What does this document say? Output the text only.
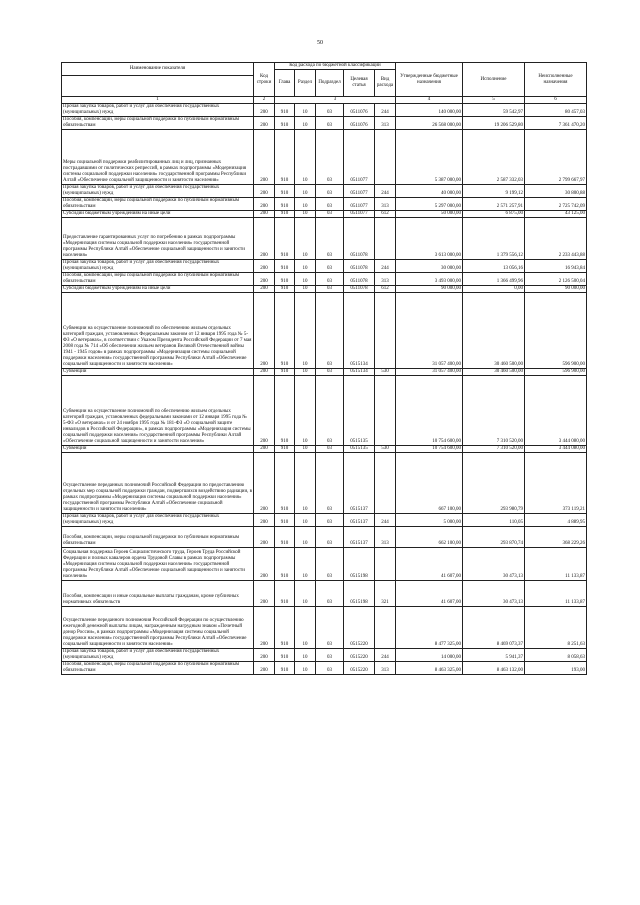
50
Наименование показателя	Код строки	Код расхода по бюджетной классификации					Утвержденные бюджетные назначения	Исполнение	Неисполненные назначения
		Глава	Раздел	Подраздел	Целевая статья	Вид расхода			

1	2	3					4	5	6
Прочая закупка товаров, работ и услуг для обеспечения государственных (муниципальных) нужд	200	910	10	03	0511076	244	140 000,00	59 542,97	80 457,03
Пособия, компенсации, меры социальной поддержки по публичным нормативным обязательствам	200	910	10	03	0511076	313	26 568 000,00	19 206 529,80	7 361 470,20
Меры социальной поддержки реабилитированных лиц и лиц, признанных пострадавшими от политических репрессий, в рамках подпрограммы «Модернизация системы социальной поддержки населения» государственной программы Республики Алтай «Обеспечение социальной защищенности и занятости населения»	200	910	10	03	0511077		5 387 000,00	2 587 332,03	2 799 667,97
Прочая закупка товаров, работ и услуг для обеспечения государственных (муниципальных) нужд	200	910	10	03	0511077	244	40 000,00	9 199,12	30 800,88
Пособия, компенсации, меры социальной поддержки по публичным нормативным обязательствам	200	910	10	03	0511077	313	5 297 000,00	2 571 257,91	2 725 742,09
Субсидии бюджетным учреждениям на иные цели	200	910	10	03	0511077	612	50 000,00	6 875,00	43 125,00
Предоставление гарантированных услуг по погребению в рамках подпрограммы «Модернизация системы социальной поддержки населения» государственной программы Республики Алтай «Обеспечение социальной защищенности и занятости населения»	200	910	10	03	0511078		3 613 000,00	1 379 556,12	2 233 443,88
Прочая закупка товаров, работ и услуг для обеспечения государственных (муниципальных) нужд	200	910	10	03	0511078	244	30 000,00	13 056,16	16 943,84
Пособия, компенсации, меры социальной поддержки по публичным нормативным обязательствам	200	910	10	03	0511078	313	3 493 000,00	1 366 499,96	2 126 500,04
Субсидии бюджетным учреждениям на иные цели	200	910	10	03	0511078	612	90 000,00	0,00	90 000,00
Субвенции на осуществление полномочий по обеспечению жильем отдельных категорий граждан, установленных Федеральным законом от 12 января 1995 года № 5-ФЗ «О ветеранах», в соответствии с Указом Президента Российской Федерации от 7 мая 2008 года № 714 «Об обеспечении жильем ветеранов Великой Отечественной войны 1941 - 1945 годов» в рамках подпрограммы «Модернизация системы социальной поддержки населения» государственной программы Республики Алтай «Обеспечение социальной защищенности и занятости населения»	200	910	10	03	0515134		31 057 400,00	30 460 500,00	596 900,00
Субвенции	200	910	10	03	0515134	530	31 057 400,00	30 460 500,00	596 900,00
Субвенции на осуществление полномочий по обеспечению жильем отдельных категорий граждан, установленных федеральными законами от 12 января 1995 года № 5-ФЗ «О ветеранах» и от 24 ноября 1995 года № 181-ФЗ «О социальной защите инвалидов в Российской Федерации», в рамках подпрограммы «Модернизация системы социальной поддержки населения» государственной программы Республики Алтай «Обеспечение социальной защищенности и занятости населения»	200	910	10	03	0515135		10 754 600,00	7 310 520,00	3 444 080,00
Субвенции	200	910	10	03	0515135	530	10 754 600,00	7 310 520,00	3 444 080,00
Осуществление переданных полномочий Российской Федерации по предоставлению отдельных мер социальной поддержки граждан, подвергшихся воздействию радиации, в рамках подпрограммы «Модернизация системы социальной поддержки населения» государственной программы Республики Алтай «Обеспечение социальной защищенности и занятости населения»	200	910	10	03	0515137		667 100,00	293 980,79	373 119,21
Прочая закупка товаров, работ и услуг для обеспечения государственных (муниципальных) нужд	200	910	10	03	0515137	244	5 000,00	110,05	4 889,95
Пособия, компенсации, меры социальной поддержки по публичным нормативным обязательствам	200	910	10	03	0515137	313	662 100,00	293 870,74	368 229,26
Социальная поддержка Героев Социалистического труда, Героев Труда Российской Федерации и полных кавалеров ордена Трудовой Славы в рамках подпрограммы «Модернизация системы социальной поддержки населения» государственной программы Республики Алтай «Обеспечение социальной защищенности и занятости населения»	200	910	10	03	0515198		41 607,00	30 473,13	11 133,87
Пособия, компенсации и иные социальные выплаты гражданам, кроме публичных нормативных обязательств	200	910	10	03	0515198	321	41 607,00	30 473,13	11 133,87
Осуществление переданного полномочия Российской Федерации по осуществлению ежегодной денежной выплаты лицам, награжденным нагрудным знаком «Почетный донор России», в рамках подпрограммы «Модернизация системы социальной поддержки населения» государственной программы Республики Алтай «Обеспечение социальной защищенности и занятости населения»	200	910	10	03	0515220		8 477 325,00	8 469 073,37	8 251,63
Прочая закупка товаров, работ и услуг для обеспечения государственных (муниципальных) нужд	200	910	10	03	0515220	244	14 000,00	5 941,37	8 058,63
Пособия, компенсации, меры социальной поддержки по публичным нормативным обязательствам	200	910	10	03	0515220	313	8 463 325,00	8 463 132,00	193,00
